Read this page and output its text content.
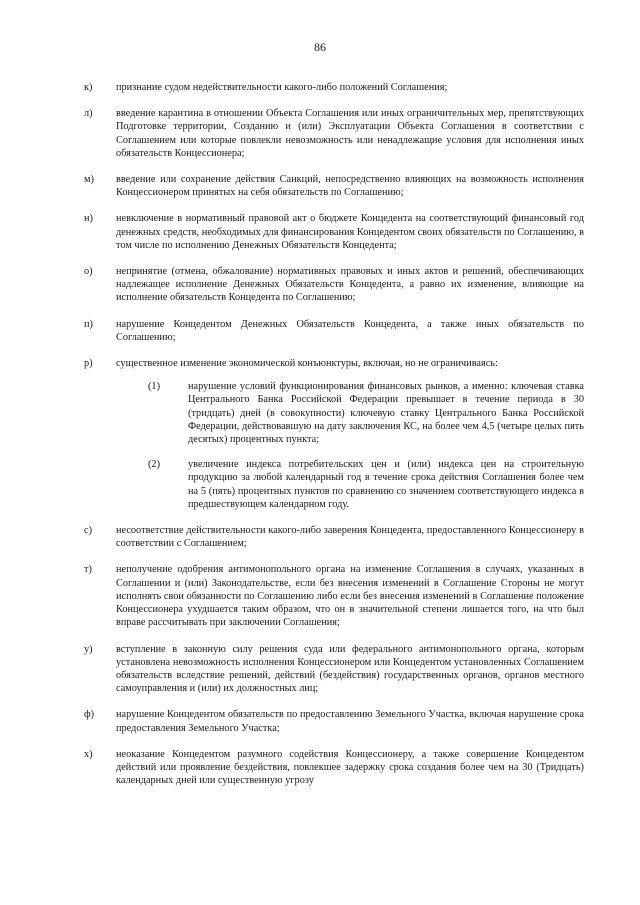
86
к) признание судом недействительности какого-либо положений Соглашения;
л) введение карантина в отношении Объекта Соглашения или иных ограничительных мер, препятствующих Подготовке территории, Созданию и (или) Эксплуатации Объекта Соглашения в соответствии с Соглашением или которые повлекли невозможность или ненадлежащие условия для исполнения иных обязательств Концессионера;
м) введение или сохранение действия Санкций, непосредственно влияющих на возможность исполнения Концессионером принятых на себя обязательств по Соглашению;
н) невключение в нормативный правовой акт о бюджете Концедента на соответствующий финансовый год денежных средств, необходимых для финансирования Концедентом своих обязательств по Соглашению, в том числе по исполнению Денежных Обязательств Концедента;
о) непринятие (отмена, обжалование) нормативных правовых и иных актов и решений, обеспечивающих надлежащее исполнение Денежных Обязательств Концедента, а равно их изменение, влияющие на исполнение обязательств Концедента по Соглашению;
п) нарушение Концедентом Денежных Обязательств Концедента, а также иных обязательств по Соглашению;
р) существенное изменение экономической конъюнктуры, включая, но не ограничиваясь:
(1)	нарушение условий функционирования финансовых рынков, а именно: ключевая ставка Центрального Банка Российской Федерации превышает в течение периода в 30 (тридцать) дней (в совокупности) ключевую ставку Центрального Банка Российской Федерации, действовавшую на дату заключения КС, на более чем 4,5 (четыре целых пять десятых) процентных пункта;
(2)	увеличение индекса потребительских цен и (или) индекса цен на строительную продукцию за любой календарный год в течение срока действия Соглашения более чем на 5 (пять) процентных пунктов по сравнению со значением соответствующего индекса в предшествующем календарном году.
с) несоответствие действительности какого-либо заверения Концедента, предоставленного Концессионеру в соответствии с Соглашением;
т) неполучение одобрения антимонопольного органа на изменение Соглашения в случаях, указанных в Соглашении и (или) Законодательстве, если без внесения изменений в Соглашение Стороны не могут исполнять свои обязанности по Соглашению либо если без внесения изменений в Соглашение положение Концессионера ухудшается таким образом, что он в значительной степени лишается того, на что был вправе рассчитывать при заключении Соглашения;
у) вступление в законную силу решения суда или федерального антимонопольного органа, которым установлена невозможность исполнения Концессионером или Концедентом установленных Соглашением обязательств вследствие решений, действий (бездействия) государственных органов, органов местного самоуправления и (или) их должностных лиц;
ф) нарушение Концедентом обязательств по предоставлению Земельного Участка, включая нарушение срока предоставления Земельного Участка;
х) неоказание Концедентом разумного содействия Концессионеру, а также совершение Концедентом действий или проявление бездействия, повлекшее задержку срока создания более чем на 30 (Тридцать) календарных дней или существенную угрозу
